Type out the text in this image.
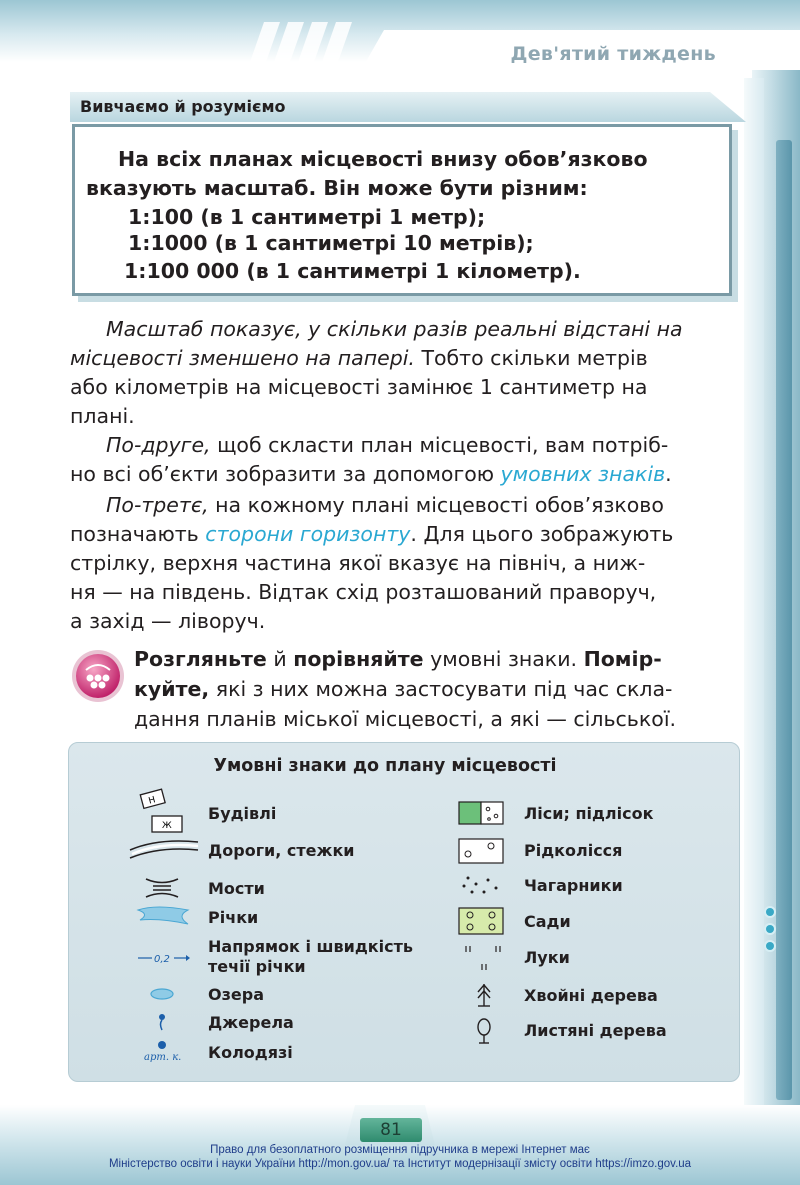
Дев'ятий тиждень
81
Право для безоплатного розміщення підручника в мережі Інтернет має
Міністерство освіти і науки України http://mon.gov.ua/ та Інститут модернізації змісту освіти https://imzo.gov.ua
Вивчаємо й розуміємо
На всіх планах місцевості внизу обов’язково
вказують масштаб. Він може бути різним:
1:100 (в 1 сантиметрі 1 метр);
1:1000 (в 1 сантиметрі 10 метрів);
1:100 000 (в 1 сантиметрі 1 кілометр).
Масштаб показує, у скільки разів реальні відстані на
місцевості зменшено на папері. Тобто скільки метрів
або кілометрів на місцевості замінює 1 сантиметр на
плані.
По-друге, щоб скласти план місцевості, вам потріб-
но всі об’єкти зобразити за допомогою умовних знаків.
По-третє, на кожному плані місцевості обов’язково
позначають сторони горизонту. Для цього зображують
стрілку, верхня частина якої вказує на північ, а ниж-
ня — на південь. Відтак схід розташований праворуч,
а захід — ліворуч.
Розгляньте й порівняйте умовні знаки. Помір-
куйте, які з них можна застосувати під час скла-
дання планів міської місцевості, а які — сільської.
Умовні знаки до плану місцевості
Н
Ж
0,2
арт. к.
Будівлі
Дороги, стежки
Мости
Річки
Напрямок і швидкість
течії річки
Озера
Джерела
Колодязі
Ліси; підлісок
Рідколісся
Чагарники
Сади
Луки
Хвойні дерева
Листяні дерева
